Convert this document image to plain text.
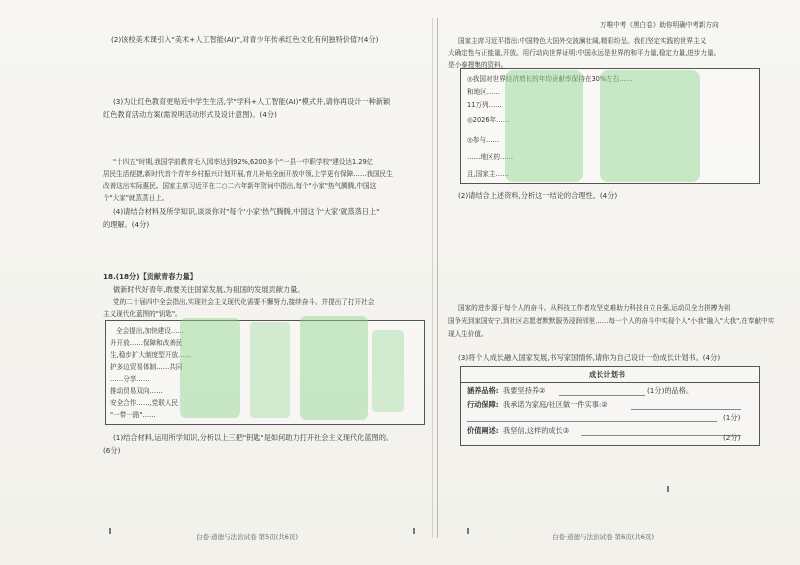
(2)该校美术课引入"美术+人工智能(AI)",对青少年传承红色文化有何独特价值?(4分)
(3)为让红色教育更贴近中学生生活,学"学科+人工智能(AI)"模式并,请你再设计一种新颖
红色教育活动方案(需说明活动形式及设计意图)。(4分)
"十四五"时期,我国学前教育毛入园率达到92%,6200多个"一县一中职学校"建设达1.29亿
居民生活便捷,新时代首个青年乡村振兴计划开展,育儿补贴全面开放申领,上学更有保障……我国民生
改善这出实际惠民。国家主席习近平在二○二六年新年贺词中指出,每个"小家"热气腾腾,中国这
个"大家"就蒸蒸日上。
(4)请结合材料及所学知识,谈谈你对"每个'小家'热气腾腾,中国这个'大家'就蒸蒸日上"
的理解。(4分)
18.(18分)【贡献青春力量】
做新时代好青年,敢要关注国家发展,为祖国的发展贡献力量。
党的二十届四中全会指出,实现社会主义现代化需要不懈努力,接续奋斗。并提出了打开社会
主义现代化蓝图的"钥匙"。
全会提出,加快建设……
升开放……保障和改善民
生,稳步扩大制度型开放……
护多边贸易体制……共同
……分享……
推动贸易双向……
安全合作……,党联人民
"一带一路"……
(1)结合材料,运用所学知识,分析以上三把"钥匙"是如何助力打开社会主义现代化蓝图的。
(6分)
白卷·道德与法治试卷 第5页(共6页)
万唯中考《黑白卷》助你明确中考新方向
国家主席习近平指出:中国特色大国外交波澜壮阔,精彩纷呈。我们坚定实践的世界主义
大确定性与正能量,开放。用行动向世界证明:中国永远是世界的和平力量,稳定力量,进步力量。
是小泰搜集的资料。
◎我国对世界经济增长的年均贡献率保持在30%左右……
和地区……
11万列……
◎2026年……
◎参与……
……地区的……
且,国家主……
(2)请结合上述资料,分析这一结论的合理性。(4分)
国家的进步源于每个人的奋斗。从科技工作者攻坚克难助力科技自立自强,运动员全力拼搏为祖
国争光到家国安宁,到社区志愿者默默服务浸润邻里……每一个人的奋斗中实现个人"小我"融入"大我",在奉献中实
现人生价值。
(3)将个人成长融入国家发展,书写家国情怀,请你为自己设计一份成长计划书。(4分)
成长计划书
涵养品格: 我要坚持养②	(1分)的品格。
行动保障: 我承诺为家庭/社区做一件实事:②
(1分)
价值阐述: 我坚信,这样的成长③
(2分)
白卷·道德与法治试卷 第6页(共6页)
